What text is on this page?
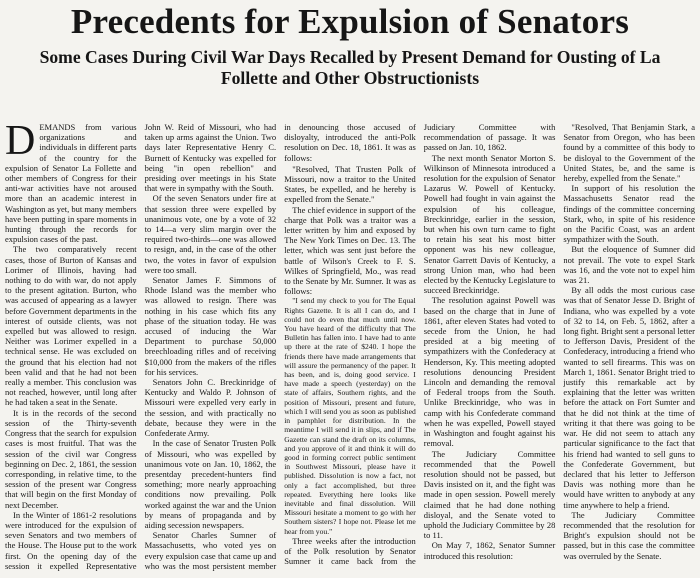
Precedents for Expulsion of Senators
Some Cases During Civil War Days Recalled by Present Demand for Ousting of La Follette and Other Obstructionists

DEMANDS from various organizations and individuals in different parts of the country for the expulsion of Senator La Follette and other members of Congress for their anti-war activities have not aroused more than an academic interest in Washington as yet, but many members have been putting in spare moments in hunting through the records for expulsion cases of the past.

The two comparatively recent cases, those of Burton of Kansas and Lorimer of Illinois, having had nothing to do with war, do not apply to the present agitation. Burton, who was accused of appearing as a lawyer before Government departments in the interest of outside clients, was not expelled but was allowed to resign. Neither was Lorimer expelled in a technical sense. He was excluded on the ground that his election had not been valid and that he had not been really a member. This conclusion was not reached, however, until long after he had taken a seat in the Senate.

It is in the records of the second session of the Thirty-seventh Congress that the search for expulsion cases is most fruitful. That was the session of the civil war Congress beginning on Dec. 2, 1861, the session corresponding, in relative time, to the session of the present war Congress that will begin on the first Monday of next December.

In the Winter of 1861-2 resolutions were introduced for the expulsion of seven Senators and two members of the House. The House put to the work first. On the opening day of the session it expelled Representative John W. Reid of Missouri, who had taken up arms against the Union. Two days later Representative Henry C. Burnett of Kentucky was expelled for being "in open rebellion" and presiding over meetings in his State that were in sympathy with the South.

Of the seven Senators under fire at that session three were expelled by unanimous vote, one by a vote of 32 to 14—a very slim margin over the required two-thirds—one was allowed to resign, and, in the case of the other two, the votes in favor of expulsion were too small.

Senator James F. Simmons of Rhode Island was the member who was allowed to resign. There was nothing in his case which fits any phase of the situation today. He was accused of inducing the War Department to purchase 50,000 breechloading rifles and of receiving $10,000 from the makers of the rifles for his services.

Senators John C. Breckinridge of Kentucky and Waldo P. Johnson of Missouri were expelled very early in the session, and with practically no debate, because they were in the Confederate Army.

In the case of Senator Trusten Polk of Missouri, who was expelled by unanimous vote on Jan. 10, 1862, the presentday precedent-hunters find something; more nearly approaching conditions now prevailing. Polk worked against the war and the Union by means of propaganda and by aiding secession newspapers.

Senator Charles Sumner of Massachusetts, who voted yes on every expulsion case that came up and who was the most persistent member in denouncing those accused of disloyalty, introduced the anti-Polk resolution on Dec. 18, 1861. It was as follows:

"Resolved, That Trusten Polk of Missouri, now a traitor to the United States, be expelled, and he hereby is expelled from the Senate."

The chief evidence in support of the charge that Polk was a traitor was a letter written by him and exposed by The New York Times on Dec. 13. The letter, which was sent just before the battle of Wilson's Creek to F. S. Wilkes of Springfield, Mo., was read to the Senate by Mr. Sumner. It was as follows:

"I send my check to you for The Equal Rights Gazette. It is all I can do, and I could not do even that much until now. You have heard of the difficulty that The Bulletin has fallen into. I have had to ante up there at the rate of $240. I hope the friends there have made arrangements that will assure the permanency of the paper. It has been, and is, doing good service. I have made a speech (yesterday) on the state of affairs, Southern rights, and the position of Missouri, present and future, which I will send you as soon as published in pamphlet for distribution. In the meantime I will send it in slips, and if The Gazette can stand the draft on its columns, and you approve of it and think it will do good in forming correct public sentiment in Southwest Missouri, please have it published. Dissolution is now a fact, not only a fact accomplished, but three repeated. Everything here looks like inevitable and final dissolution. Will Missouri hesitate a moment to go with her Southern sisters? I hope not. Please let me hear from you."

Three weeks after the introduction of the Polk resolution by Senator Sumner it came back from the Judiciary Committee with recommendation of passage. It was passed on Jan. 10, 1862.

The next month Senator Morton S. Wilkinson of Minnesota introduced a resolution for the expulsion of Senator Lazarus W. Powell of Kentucky. Powell had fought in vain against the expulsion of his colleague, Breckinridge, earlier in the session, but when his own turn came to fight to retain his seat his most bitter opponent was his new colleague, Senator Garrett Davis of Kentucky, a strong Union man, who had been elected by the Kentucky Legislature to succeed Breckinridge.

The resolution against Powell was based on the charge that in June of 1861, after eleven States had voted to secede from the Union, he had presided at a big meeting of sympathizers with the Confederacy at Henderson, Ky. This meeting adopted resolutions denouncing President Lincoln and demanding the removal of Federal troops from the South. Unlike Breckinridge, who was in camp with his Confederate command when he was expelled, Powell stayed in Washington and fought against his removal.

The Judiciary Committee recommended that the Powell resolution should not be passed, but Davis insisted on it, and the fight was made in open session. Powell merely claimed that he had done nothing disloyal, and the Senate voted to uphold the Judiciary Committee by 28 to 11.

On May 7, 1862, Senator Sumner introduced this resolution:

"Resolved, That Benjamin Stark, a Senator from Oregon, who has been found by a committee of this body to be disloyal to the Government of the United States, be, and the same is hereby, expelled from the Senate."

In support of his resolution the Massachusetts Senator read the findings of the committee concerning Stark, who, in spite of his residence on the Pacific Coast, was an ardent sympathizer with the South.

But the eloquence of Sumner did not prevail. The vote to expel Stark was 16, and the vote not to expel him was 21.

By all odds the most curious case was that of Senator Jesse D. Bright of Indiana, who was expelled by a vote of 32 to 14, on Feb. 5, 1862, after a long fight. Bright sent a personal letter to Jefferson Davis, President of the Confederacy, introducing a friend who wanted to sell firearms. This was on March 1, 1861. Senator Bright tried to justify this remarkable act by explaining that the letter was written before the attack on Fort Sumter and that he did not think at the time of writing it that there was going to be war. He did not seem to attach any particular significance to the fact that his friend had wanted to sell guns to the Confederate Government, but declared that his letter to Jefferson Davis was nothing more than he would have written to anybody at any time anywhere to help a friend.

The Judiciary Committee recommended that the resolution for Bright's expulsion should not be passed, but in this case the committee was overruled by the Senate.
